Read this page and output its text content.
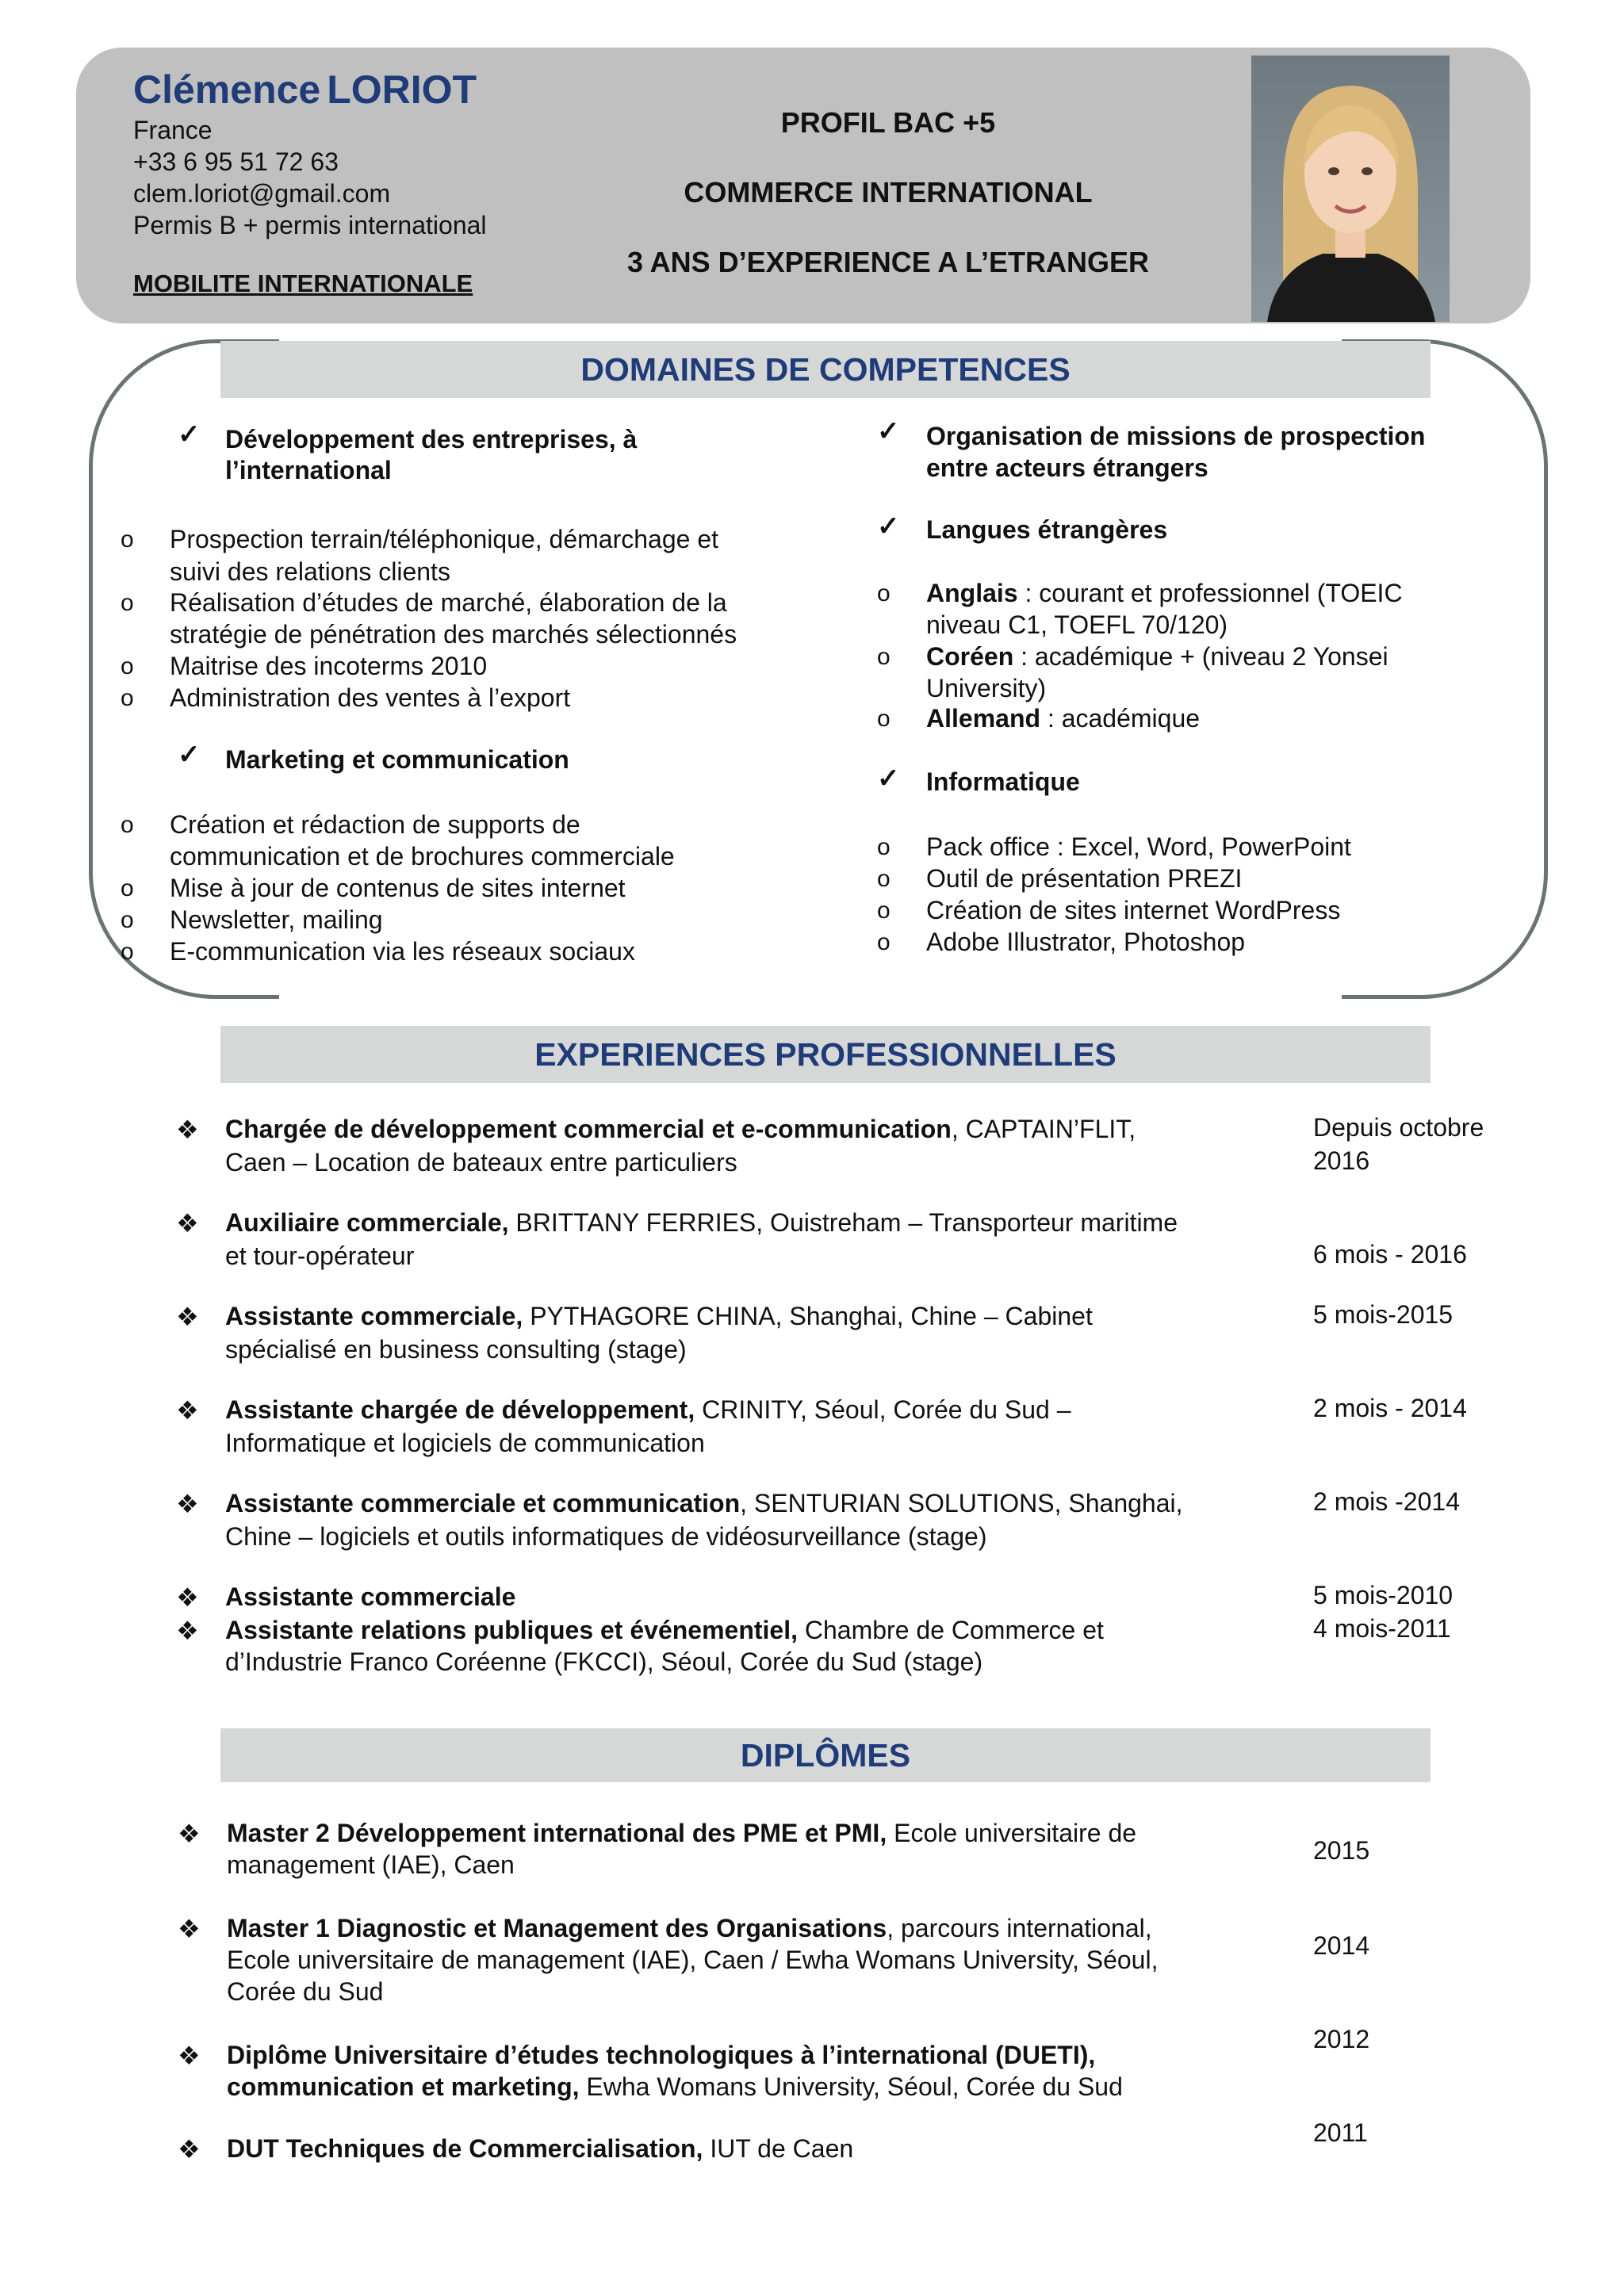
Clémence LORIOT
France
+33 6 95 51 72 63
clem.loriot@gmail.com
Permis B + permis international
MOBILITE INTERNATIONALE
PROFIL BAC +5
COMMERCE INTERNATIONAL
3 ANS D’EXPERIENCE A L’ETRANGER
DOMAINES DE COMPETENCES
✓ Développement des entreprises, à
l’international
o Prospection terrain/téléphonique, démarchage et
suivi des relations clients
o Réalisation d’études de marché, élaboration de la
stratégie de pénétration des marchés sélectionnés
o Maitrise des incoterms 2010
o Administration des ventes à l’export
✓ Marketing et communication
o Création et rédaction de supports de
communication et de brochures commerciale
o Mise à jour de contenus de sites internet
o Newsletter, mailing
o E-communication via les réseaux sociaux
✓ Organisation de missions de prospection
entre acteurs étrangers
✓ Langues étrangères
o Anglais : courant et professionnel (TOEIC
niveau C1, TOEFL 70/120)
o Coréen : académique + (niveau 2 Yonsei
University)
o Allemand : académique
✓ Informatique
o Pack office : Excel, Word, PowerPoint
o Outil de présentation PREZI
o Création de sites internet WordPress
o Adobe Illustrator, Photoshop
EXPERIENCES PROFESSIONNELLES
❖ Chargée de développement commercial et e-communication, CAPTAIN’FLIT,
Caen – Location de bateaux entre particuliers
Depuis octobre
2016
❖ Auxiliaire commerciale, BRITTANY FERRIES, Ouistreham – Transporteur maritime
et tour-opérateur	6 mois - 2016
❖ Assistante commerciale, PYTHAGORE CHINA, Shanghai, Chine – Cabinet
spécialisé en business consulting (stage)
5 mois-2015
❖ Assistante chargée de développement, CRINITY, Séoul, Corée du Sud –
Informatique et logiciels de communication
2 mois - 2014
❖ Assistante commerciale et communication, SENTURIAN SOLUTIONS, Shanghai,
Chine – logiciels et outils informatiques de vidéosurveillance (stage)
2 mois -2014
❖ Assistante commerciale	5 mois-2010
❖ Assistante relations publiques et événementiel, Chambre de Commerce et
d’Industrie Franco Coréenne (FKCCI), Séoul, Corée du Sud (stage)
4 mois-2011
DIPLÔMES
❖ Master 2 Développement international des PME et PMI, Ecole universitaire de
management (IAE), Caen	2015
❖ Master 1 Diagnostic et Management des Organisations, parcours international,
Ecole universitaire de management (IAE), Caen / Ewha Womans University, Séoul,
Corée du Sud
2014
❖ Diplôme Universitaire d’études technologiques à l’international (DUETI),
communication et marketing, Ewha Womans University, Séoul, Corée du Sud
2012
❖ DUT Techniques de Commercialisation, IUT de Caen
2011
